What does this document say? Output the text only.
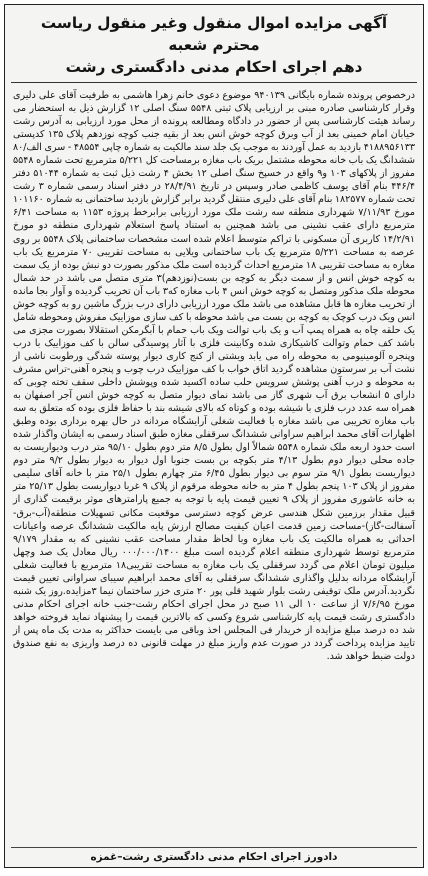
آگهی مزایده اموال منقول وغیر منقول ریاست محترم شعبه
دهم اجرای احکام مدنی دادگستری رشت
درخصوص پرونده شماره بایگانی ۹۴۰۱۳۹ موضوع دعوی خانم زهرا هاشمی به طرفیت آقای علی دلیری وقرار کارشناسی صادره مبنی بر ارزیابی پلاک ثبتی ۵۵۴۸ سنگ اصلی ۱۲ گزارش ذیل به استحضار می رساند هیئت کارشناسی پس از حضور در دادگاه ومطالعه پرونده از محل مورد ارزیابی به آدرس رشت خیابان امام خمینی بعد از آب وبرق کوچه خوش انس بعد از بقیه جنب کوچه نوزدهم پلاک ۱۳۵ کدپستی ۴۱۸۸۹۵۶۱۳۳ بازدید به عمل آوردند به موجب یک جلد سند مالکیت به شماره چاپی ۴۸۵۵۴ - سری الف/۸۰ ششدانگ یک باب خانه محوطه مشتمل بریک باب مغازه برمساحت کل ۵/۲۲۱ مترمربع تحت شماره ۵۵۴۸ مفروز از پلاکهای ۱۰۳ و۹ واقع در خسپخ سنگ اصلی ۱۲ بخش ۴ رشت ذیل ثبت به شماره ۵۱۰۴۴ دفتر ۴۴۶/۴ بنام آقای یوسف کاظمی صادر وسپس در تاریخ ۲۸/۴/۹۱ در دفتر اسناد رسمی شماره ۳ رشت تحت شماره ۱۸۲۵۷۷ بنام آقای علی دلیری منتقل گردید برابر گزارش بازدید ساختمانی به شماره ۱۰۱۱۶۰ مورخ ۷/۱۱/۹۳ شهرداری منطقه سه رشت ملک مورد ارزیابی برابرخط پروژه ۱۱۵۳ به مساحت ۶/۴۱ مترمربع دارای عقب نشینی می باشد همچنین به استناد پاسخ استعلام شهرداری منطقه دو مورخ ۱۴/۲/۹۱ کاربری آن مسکونی با تراکم متوسط اعلام شده است مشخصات ساختمانی پلاک ۵۵۴۸ بر روی عرصه به مساحت ۵/۲۲۱ مترمربع یک باب ساختمانی ویلایی به مساحت تقریبی ۷۰ مترمربع یک باب مغازه به مساحت تقریبی ۱۸ مترمربع احداث گردیده است ملک مذکور بصورت دو نبش بوده از یک سمت به کوچه خوش انس و از سمت دیگر به کوچه بن بست(نوزدهم)۳ متری متصل می باشد در حد شمال محوطه ملک مذکور ومتصل به کوچه خوش انس ۴ باب مغازه که۳ باب آن تخریب گردیده و آوار بجا مانده از تخریب مغازه ها قابل مشاهده می باشد ملک مورد ارزیابی دارای درب بزرگ ماشین رو به کوچه خوش انس ویک درب کوچک به کوچه بن بست می باشد محوطه با کف سازی موزاییک مفروش ومحوطه شامل یک حلقه چاه به همراه پمپ آب و یک باب توالت ویک باب حمام با آبگرمکن استقلالا بصورت مجزی می باشد کف حمام وتوالت کاشیکاری شده وکابینت فلزی با آثار پوسیدگی سالن با کف موزاییک با درب وپنجره آلومینیومی به محوطه راه می یابد ویشتی از کنج کاری دیوار پوسته شدگی ورطوبت ناشی از نشت آب بر سرستون مشاهده گردید اتاق خواب با کف موزاییک درب چوب و پنجره آهنی-تراس مشرف به محوطه و درب آهنی پوشش سرویس حلب ساده اکسید شده وپوشش داخلی سقف تخته چوبی که دارای ۵ انشعاب برق آب شهری گاز می باشد نمای دیوار متصل به کوچه خوش انس آجر اصفهان به همراه سه عدد درب فلزی با شیشه بوده و کوتاه که بالای شیشه بند با حفاظ فلزی بوده که متعلق به سه باب مغازه تخریبی می باشد مغازه با فعالیت شغلی آرایشگاه مردانه در حال بهره برداری بوده وطبق اظهارات آقای محمد ابراهیم سراوانی ششدانگ سرقفلی مغازه طبق اسناد رسمی به ایشان واگذار شده است حدود اربعه ملک شماره ۵۵۴۸ شمالاً اول بطول ۸/۵ متر دوم بطول ۹۵/۱۰ متر درب ودیواریست به جاده محلی دیوار دوم بطول ۴/۱۳ متر بکوچه بن بست جنوبا اول دیوار به دیوار بطول ۹/۲ متر دوم دیواریست بطول ۹/۱ متر سوم بی دیوار بطول ۶/۴۵ متر چهارم بطول ۲۵/۱ متر با خانه آقای سلیمی مفروز از پلاک ۱۰۳ پنجم بطول ۴ متر به خانه محوطه مرقوم از پلاک ۹ غربا دیواریست بطول ۲۵/۱۳ متر به خانه عاشوری مفروز از پلاک ۹ تعیین قیمت پایه با توجه به جمیع پارامترهای موثر برقیمت گذاری از قبیل مقدار برزمین شکل هندسی عرض کوچه دسترسی موقعیت مکانی تسهیلات منطقه(آب-برق-آسفالت-گاز)-مساحت زمین قدمت اعیان کیفیت مصالح ارزش پایه مالکیت ششدانگ عرصه واعیانات احداثی به همراه مالکیت یک باب مغازه وبا لحاظ مقدار مساحت عقب نشینی که به مقدار ۹/۱۷۹ مترمربع توسط شهرداری منطقه اعلام گردیده است مبلغ ۰۰۰/۰۰۰/۱۴۰۰ ریال معادل یک صد وچهل میلیون تومان اعلام می گردد سرقفلی یک باب مغازه به مساحت تقریبی۱۸ مترمربع با فعالیت شغلی آرایشگاه مردانه بدلیل واگذاری ششدانگ سرقفلی به آقای محمد ابراهیم سیبای سراوانی تعیین قیمت نگردید.آدرس ملک توقیفی رشت بلوار شهید قلی پور ۲۰ متری خزر ساختمان نیما ۳مزایده.روز یک شنبه مورخ ۷/۶/۹۵ از ساعت ۱۰ الی ۱۱ صبح در محل اجرای احکام رشت-جنب خانه اجرای احکام مدنی دادگستری رشت قیمت پایه کارشناسی شروع وکسی که بالاترین قیمت را پیشنهاد نماید فروخته خواهد شد ده درصد مبلغ مزایده از خریدار فی المجلس اخذ وباقی می بایست حداکثر به مدت یک ماه پس از تایید مزایده پرداخت گردد در صورت عدم واریز مبلغ در مهلت قانونی ده درصد واریزی به نفع صندوق دولت ضبط خواهد شد.
دادورز اجرای احکام مدنی دادگستری رشت–غمزه
